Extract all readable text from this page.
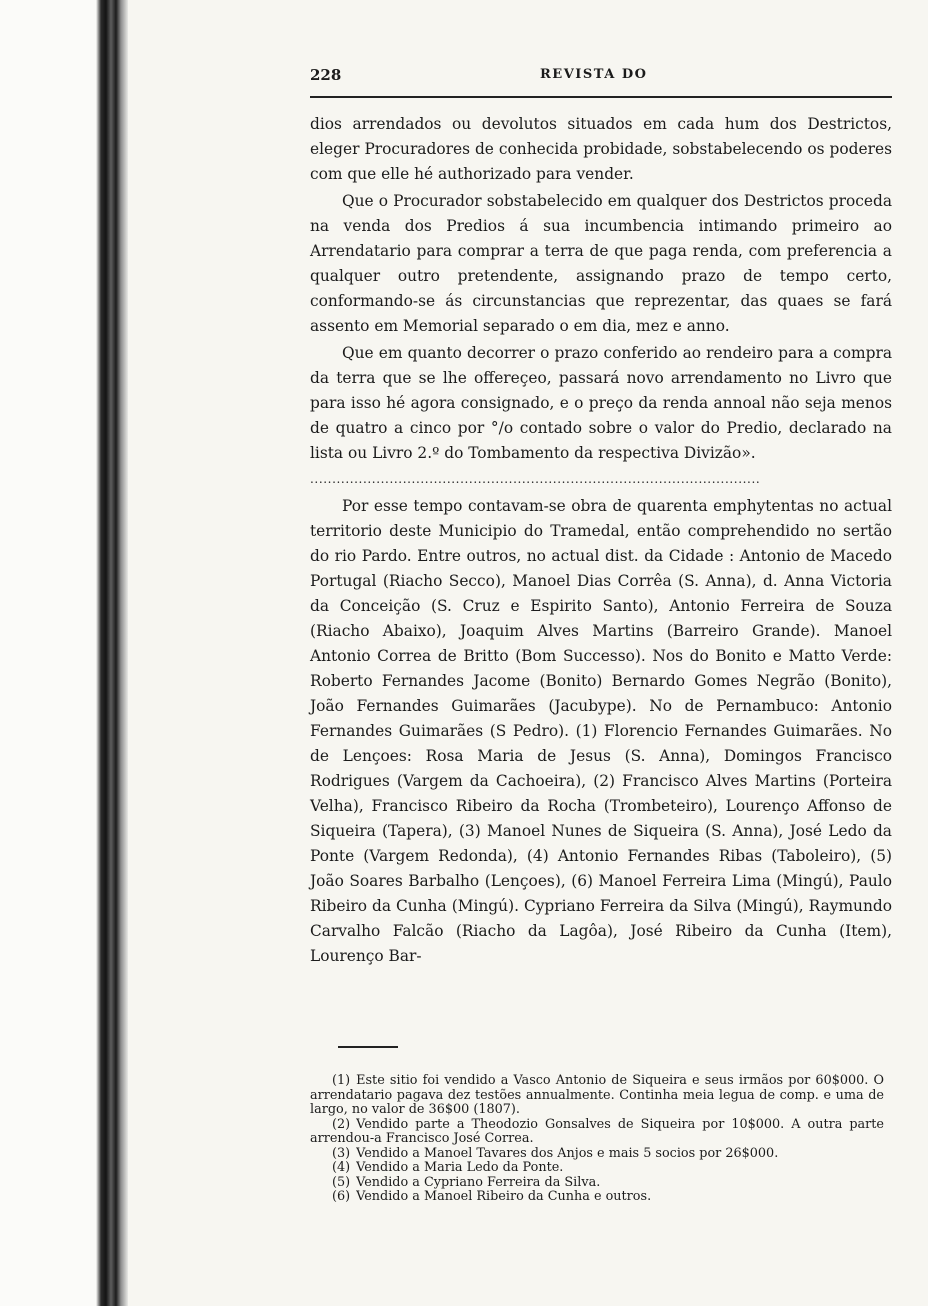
228	REVISTA DO

dios arrendados ou devolutos situados em cada hum dos Destrictos, eleger Procuradores de conhecida probidade, sobstabelecendo os poderes com que elle hé authorizado para vender.

Que o Procurador sobstabelecido em qualquer dos Destrictos proceda na venda dos Predios á sua incumbencia intimando primeiro ao Arrendatario para comprar a terra de que paga renda, com preferencia a qualquer outro pretendente, assignando prazo de tempo certo, conformando-se ás circunstancias que reprezentar, das quaes se fará assento em Memorial separado o em dia, mez e anno.

Que em quanto decorrer o prazo conferido ao rendeiro para a compra da terra que se lhe offereçeo, passará novo arrendamento no Livro que para isso hé agora consignado, e o preço da renda annoal não seja menos de quatro a cinco por °/o contado sobre o valor do Predio, declarado na lista ou Livro 2.º do Tombamento da respectiva Divizão».

......................................................................................................

Por esse tempo contavam-se obra de quarenta emphytentas no actual territorio deste Municipio do Tramedal, então comprehendido no sertão do rio Pardo. Entre outros, no actual dist. da Cidade : Antonio de Macedo Portugal (Riacho Secco), Manoel Dias Corrêa (S. Anna), d. Anna Victoria da Conceição (S. Cruz e Espirito Santo), Antonio Ferreira de Souza (Riacho Abaixo), Joaquim Alves Martins (Barreiro Grande). Manoel Antonio Correa de Britto (Bom Successo). Nos do Bonito e Matto Verde: Roberto Fernandes Jacome (Bonito) Bernardo Gomes Negrão (Bonito), João Fernandes Guimarães (Jacubype). No de Pernambuco: Antonio Fernandes Guimarães (S Pedro). (1) Florencio Fernandes Guimarães. No de Lençoes: Rosa Maria de Jesus (S. Anna), Domingos Francisco Rodrigues (Vargem da Cachoeira), (2) Francisco Alves Martins (Porteira Velha), Francisco Ribeiro da Rocha (Trombeteiro), Lourenço Affonso de Siqueira (Tapera), (3) Manoel Nunes de Siqueira (S. Anna), José Ledo da Ponte (Vargem Redonda), (4) Antonio Fernandes Ribas (Taboleiro), (5) João Soares Barbalho (Lençoes), (6) Manoel Ferreira Lima (Mingú), Paulo Ribeiro da Cunha (Mingú). Cypriano Ferreira da Silva (Mingú), Raymundo Carvalho Falcão (Riacho da Lagôa), José Ribeiro da Cunha (Item), Lourenço Bar-

(1) Este sitio foi vendido a Vasco Antonio de Siqueira e seus irmãos por 60$000. O arrendatario pagava dez testões annualmente. Continha meia legua de comp. e uma de largo, no valor de 36$00 (1807).

(2) Vendido parte a Theodozio Gonsalves de Siqueira por 10$000. A outra parte arrendou-a Francisco José Correa.

(3) Vendido a Manoel Tavares dos Anjos e mais 5 socios por 26$000.

(4) Vendido a Maria Ledo da Ponte.

(5) Vendido a Cypriano Ferreira da Silva.

(6) Vendido a Manoel Ribeiro da Cunha e outros.
